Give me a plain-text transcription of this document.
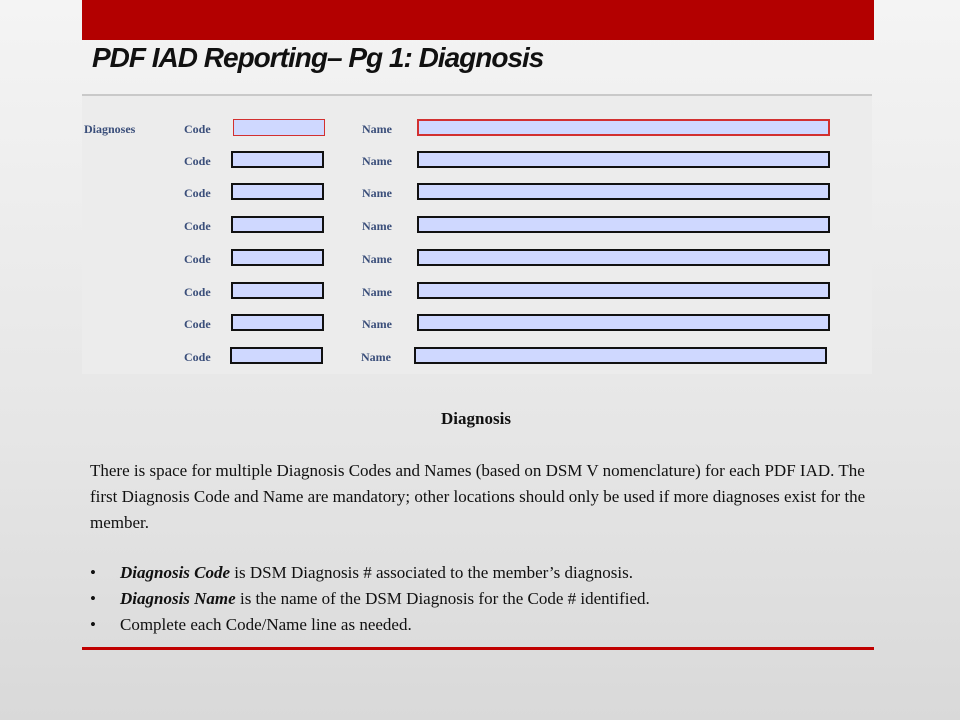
PDF IAD Reporting– Pg 1: Diagnosis
Diagnoses	Code	Name
Code	Name
Code	Name
Code	Name
Code	Name
Code	Name
Code	Name
Code	Name
Diagnosis

There is space for multiple Diagnosis Codes and Names (based on DSM V nomenclature) for each PDF IAD. The first Diagnosis Code and Name are mandatory; other locations should only be used if more diagnoses exist for the member.

• Diagnosis Code is DSM Diagnosis # associated to the member’s diagnosis.
• Diagnosis Name is the name of the DSM Diagnosis for the Code # identified.
• Complete each Code/Name line as needed.
